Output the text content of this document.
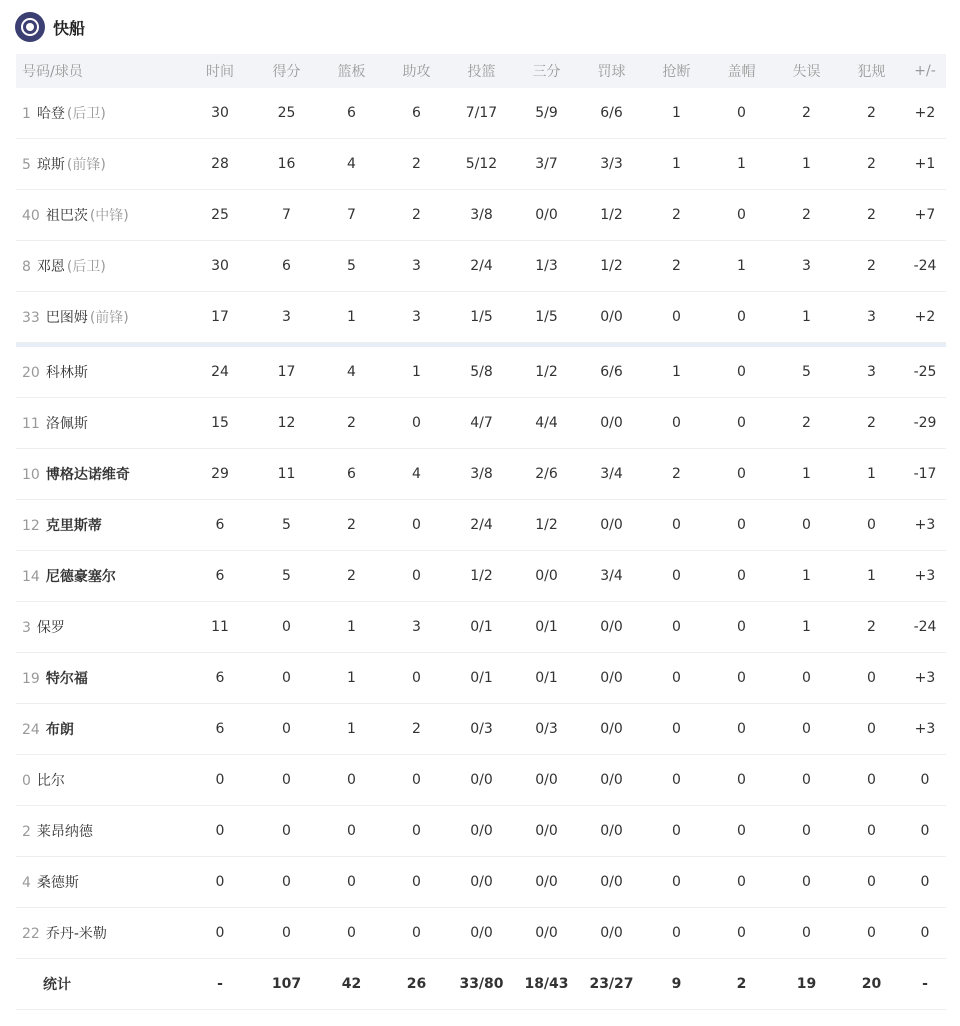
快船
号码/球员	时间	得分	篮板	助攻	投篮	三分	罚球	抢断	盖帽	失误	犯规	+/-
1 哈登 (后卫)	30	25	6	6	7/17	5/9	6/6	1	0	2	2	+2
5 琼斯 (前锋)	28	16	4	2	5/12	3/7	3/3	1	1	1	2	+1
40 祖巴茨 (中锋)	25	7	7	2	3/8	0/0	1/2	2	0	2	2	+7
8 邓恩 (后卫)	30	6	5	3	2/4	1/3	1/2	2	1	3	2	-24
33 巴图姆 (前锋)	17	3	1	3	1/5	1/5	0/0	0	0	1	3	+2

20 科林斯	24	17	4	1	5/8	1/2	6/6	1	0	5	3	-25
11 洛佩斯	15	12	2	0	4/7	4/4	0/0	0	0	2	2	-29
10 博格达诺维奇	29	11	6	4	3/8	2/6	3/4	2	0	1	1	-17
12 克里斯蒂	6	5	2	0	2/4	1/2	0/0	0	0	0	0	+3
14 尼德豪塞尔	6	5	2	0	1/2	0/0	3/4	0	0	1	1	+3
3 保罗	11	0	1	3	0/1	0/1	0/0	0	0	1	2	-24
19 特尔福	6	0	1	0	0/1	0/1	0/0	0	0	0	0	+3
24 布朗	6	0	1	2	0/3	0/3	0/0	0	0	0	0	+3
0 比尔	0	0	0	0	0/0	0/0	0/0	0	0	0	0	0
2 莱昂纳德	0	0	0	0	0/0	0/0	0/0	0	0	0	0	0
4 桑德斯	0	0	0	0	0/0	0/0	0/0	0	0	0	0	0
22 乔丹-米勒	0	0	0	0	0/0	0/0	0/0	0	0	0	0	0
统计	-	107	42	26	33/80	18/43	23/27	9	2	19	20	-
